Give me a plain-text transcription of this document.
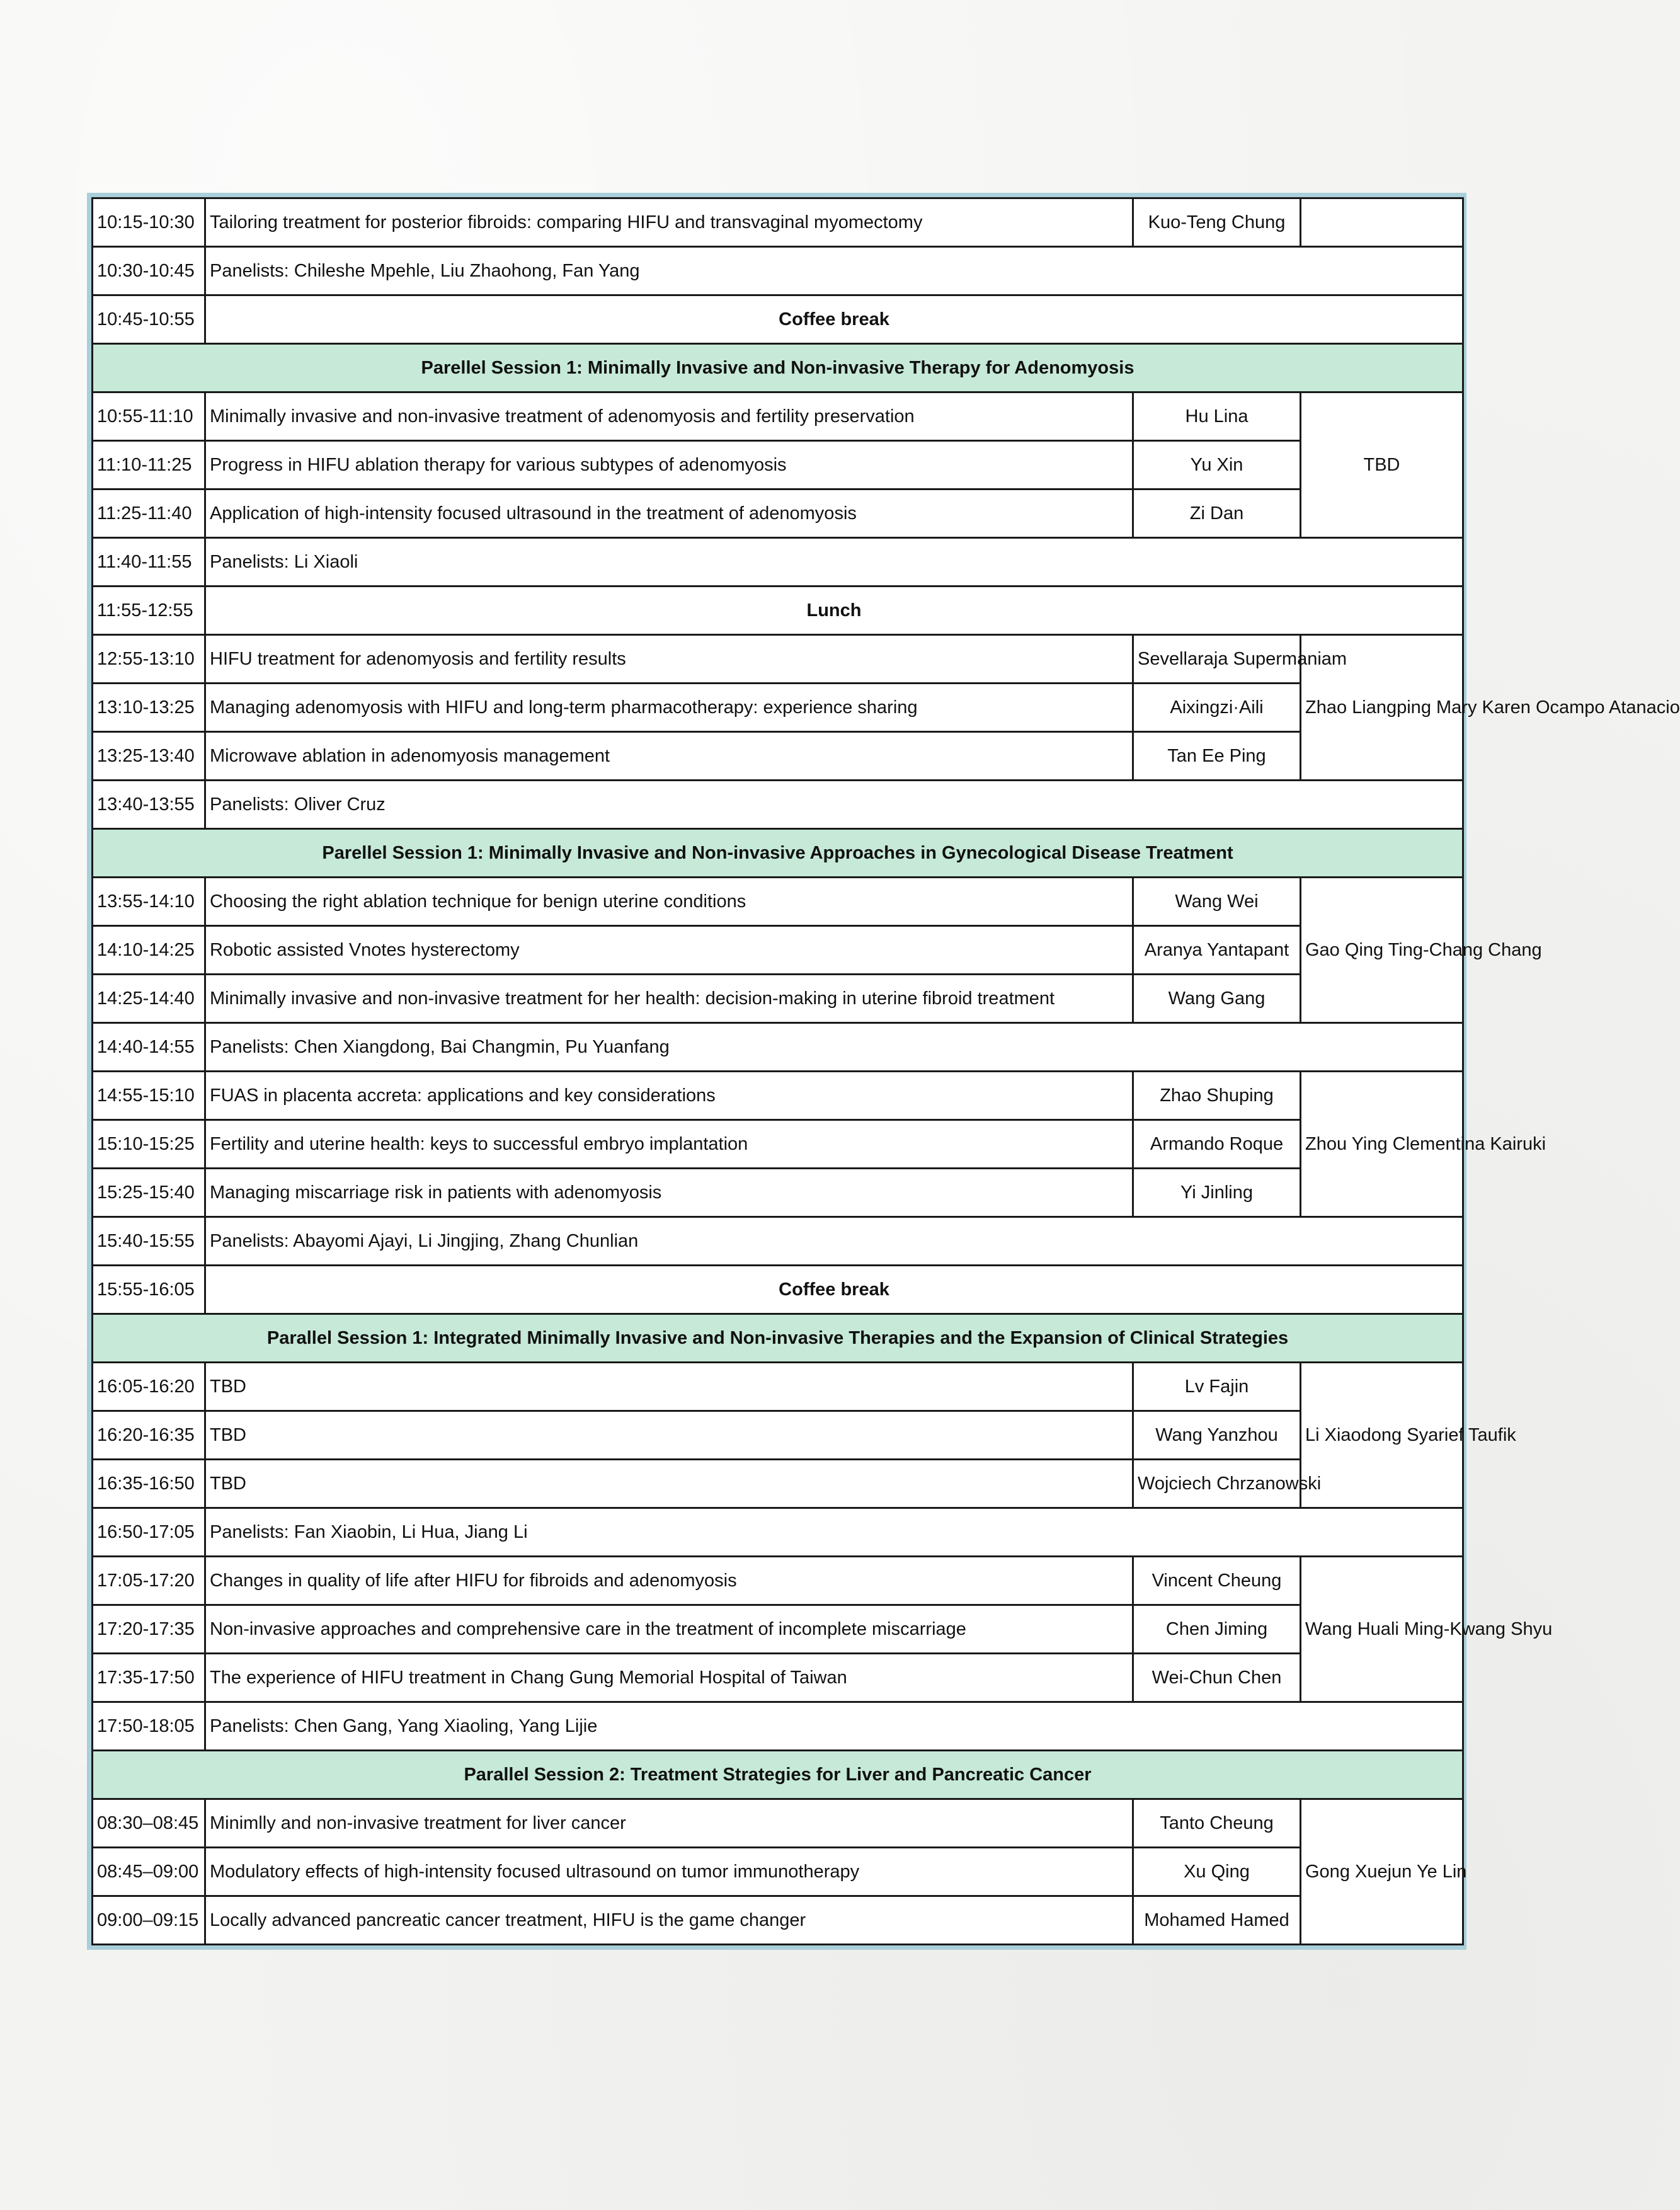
10:15-10:30	Tailoring treatment for posterior fibroids: comparing HIFU and transvaginal myomectomy	Kuo-Teng Chung	
10:30-10:45	Panelists: Chileshe Mpehle, Liu Zhaohong, Fan Yang		
10:45-10:55	Coffee break		
Parellel Session 1: Minimally Invasive and Non-invasive Therapy for Adenomyosis			
10:55-11:10	Minimally invasive and non-invasive treatment of adenomyosis and fertility preservation	Hu Lina	TBD
11:10-11:25	Progress in HIFU ablation therapy for various subtypes of adenomyosis	Yu Xin	
11:25-11:40	Application of high-intensity focused ultrasound in the treatment of adenomyosis	Zi Dan	
11:40-11:55	Panelists: Li Xiaoli		
11:55-12:55	Lunch		
12:55-13:10	HIFU treatment for adenomyosis and fertility results	Sevellaraja Supermaniam	Zhao Liangping Mary Karen Ocampo Atanacio
13:10-13:25	Managing adenomyosis with HIFU and long-term pharmacotherapy: experience sharing	Aixingzi·Aili	
13:25-13:40	Microwave ablation in adenomyosis management	Tan Ee Ping	
13:40-13:55	Panelists: Oliver Cruz		
Parellel Session 1: Minimally Invasive and Non-invasive Approaches in Gynecological Disease Treatment			
13:55-14:10	Choosing the right ablation technique for benign uterine conditions	Wang Wei	Gao Qing Ting-Chang Chang
14:10-14:25	Robotic assisted Vnotes hysterectomy	Aranya Yantapant	
14:25-14:40	Minimally invasive and non-invasive treatment for her health: decision-making in uterine fibroid treatment	Wang Gang	
14:40-14:55	Panelists: Chen Xiangdong, Bai Changmin, Pu Yuanfang		
14:55-15:10	FUAS in placenta accreta: applications and key considerations	Zhao Shuping	Zhou Ying Clementina Kairuki
15:10-15:25	Fertility and uterine health: keys to successful embryo implantation	Armando Roque	
15:25-15:40	Managing miscarriage risk in patients with adenomyosis	Yi Jinling	
15:40-15:55	Panelists: Abayomi Ajayi, Li Jingjing, Zhang Chunlian		
15:55-16:05	Coffee break		
Parallel Session 1: Integrated Minimally Invasive and Non-invasive Therapies and the Expansion of Clinical Strategies			
16:05-16:20	TBD	Lv Fajin	Li Xiaodong Syarief Taufik
16:20-16:35	TBD	Wang Yanzhou	
16:35-16:50	TBD	Wojciech Chrzanowski	
16:50-17:05	Panelists: Fan Xiaobin, Li Hua, Jiang Li		
17:05-17:20	Changes in quality of life after HIFU for fibroids and adenomyosis	Vincent Cheung	Wang Huali Ming-Kwang Shyu
17:20-17:35	Non-invasive approaches and comprehensive care in the treatment of incomplete miscarriage	Chen Jiming	
17:35-17:50	The experience of HIFU treatment in Chang Gung Memorial Hospital of Taiwan	Wei-Chun Chen	
17:50-18:05	Panelists: Chen Gang, Yang Xiaoling, Yang Lijie		
Parallel Session 2: Treatment Strategies for Liver and Pancreatic Cancer			
08:30–08:45	Minimlly and non-invasive treatment for liver cancer	Tanto Cheung	Gong Xuejun Ye Lin
08:45–09:00	Modulatory effects of high-intensity focused ultrasound on tumor immunotherapy	Xu Qing	
09:00–09:15	Locally advanced pancreatic cancer treatment, HIFU is the game changer	Mohamed Hamed	
